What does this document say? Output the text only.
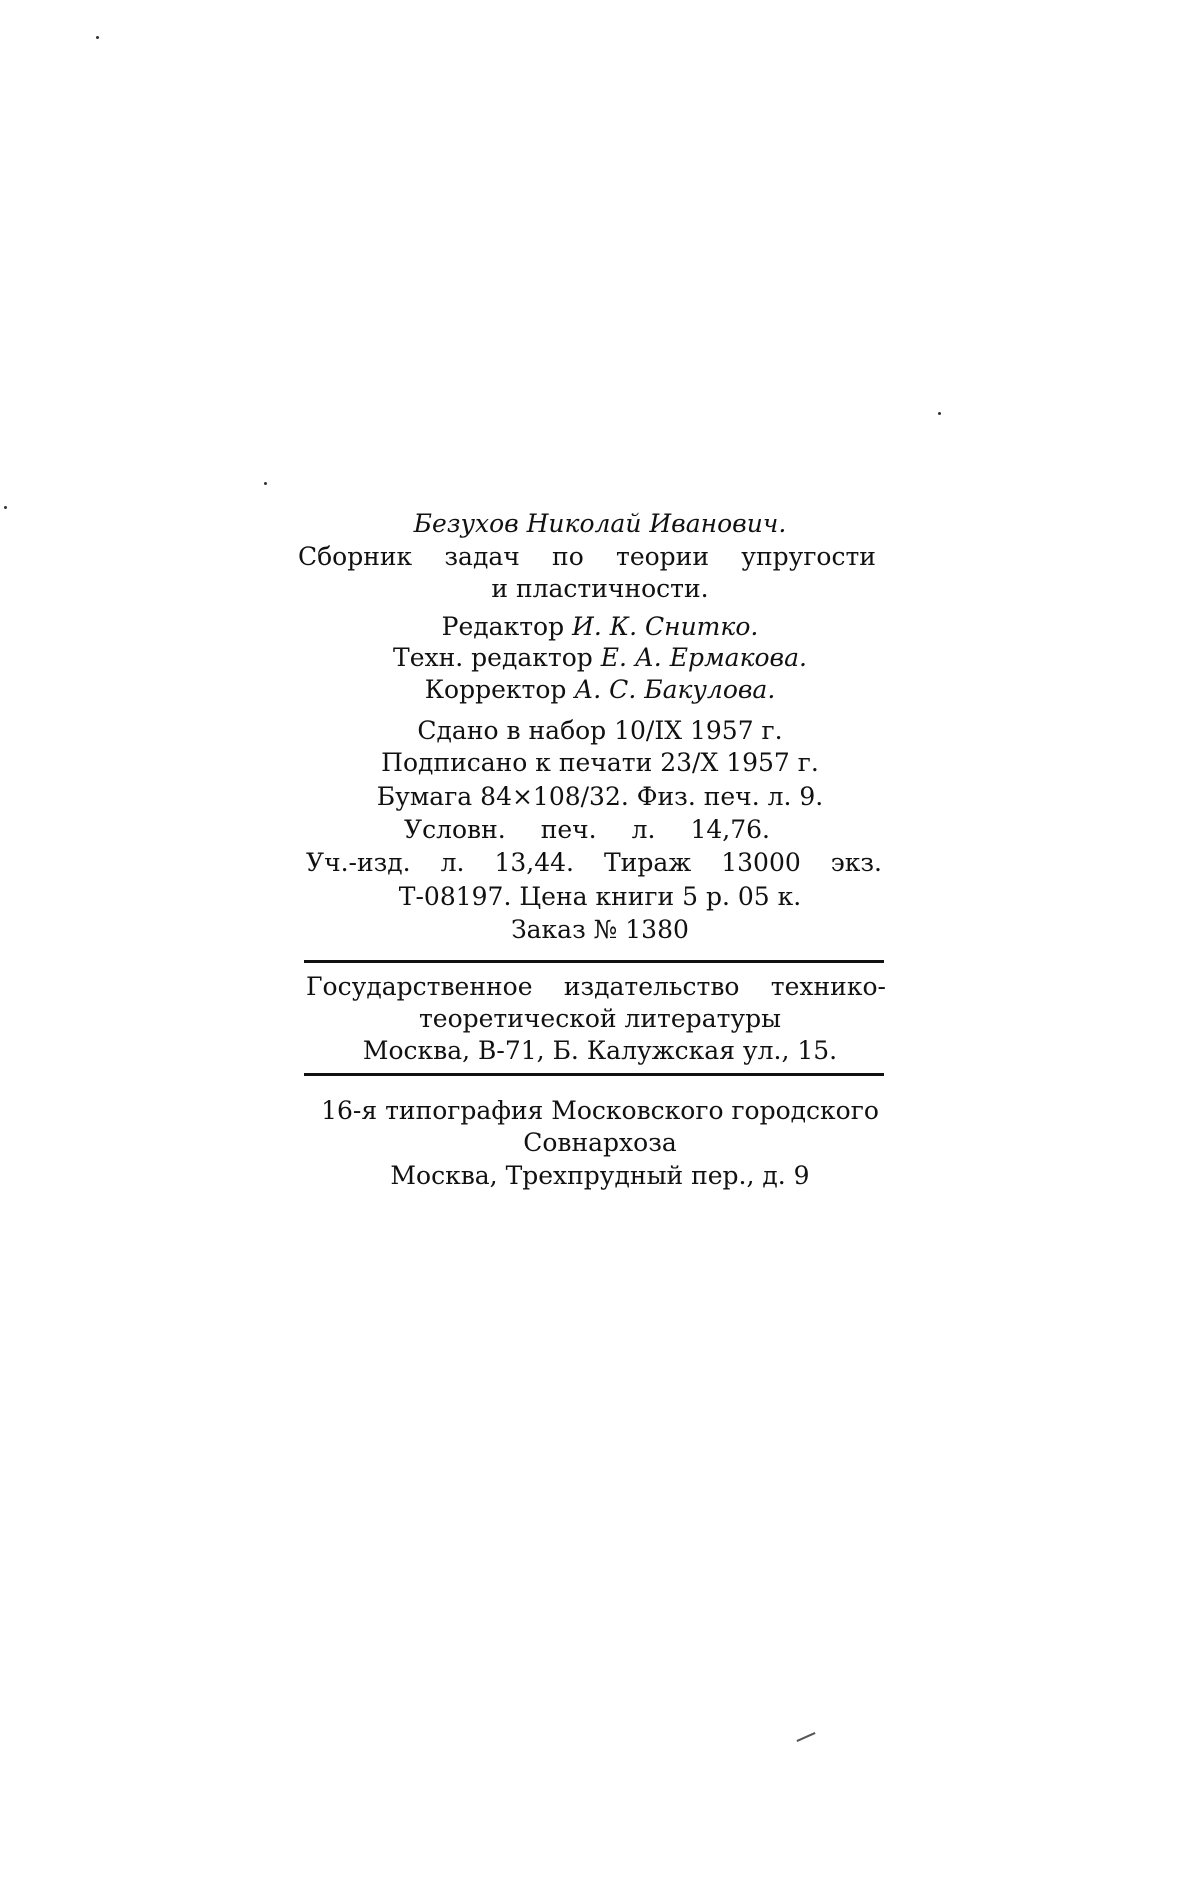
Безухов Николай Иванович.
Сборник задач по теории упругости
и пластичности.
Редактор И. К. Снитко.
Техн. редактор Е. А. Ермакова.
Корректор А. С. Бакулова.
Сдано в набор 10/IX 1957 г.
Подписано к печати 23/X 1957 г.
Бумага 84×108/32. Физ. печ. л. 9.
Условн. печ. л. 14,76.
Уч.-изд. л. 13,44. Тираж 13000 экз.
Т-08197. Цена книги 5 р. 05 к.
Заказ № 1380
Государственное издательство технико-
теоретической литературы
Москва, В-71, Б. Калужская ул., 15.
16-я типография Московского городского
Совнархоза
Москва, Трехпрудный пер., д. 9
